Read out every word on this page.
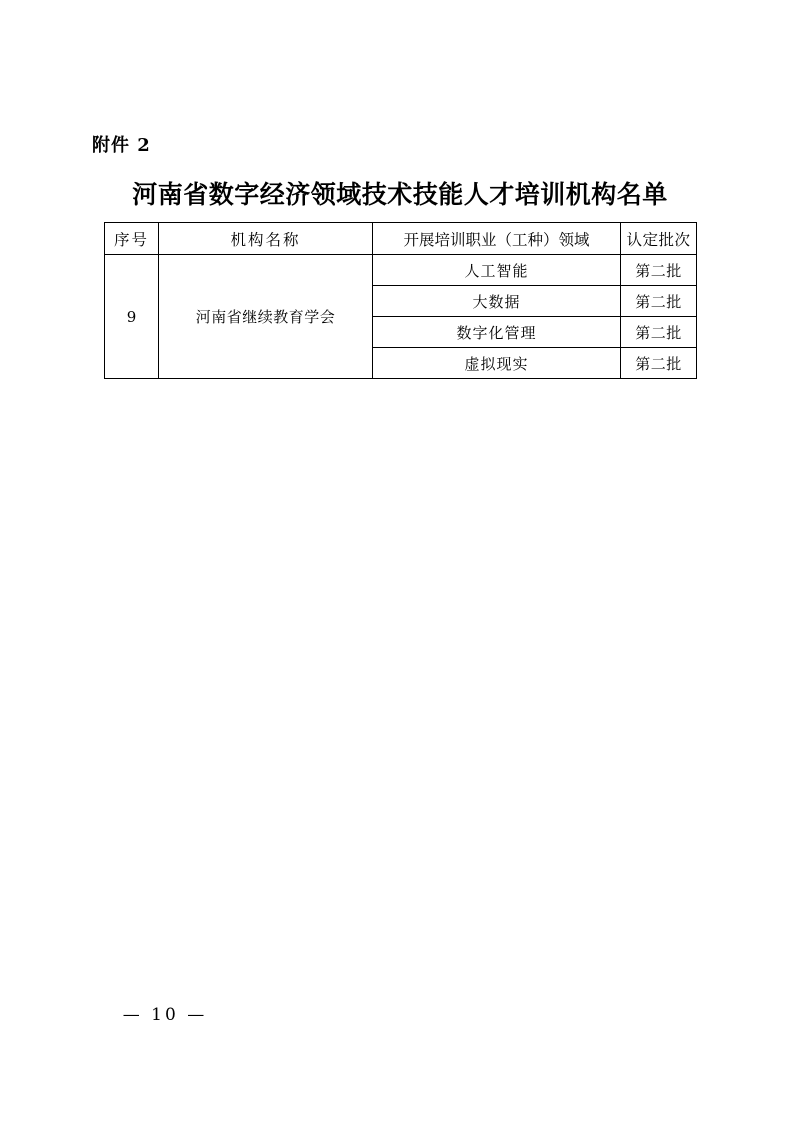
附件 2
河南省数字经济领域技术技能人才培训机构名单
序号	机构名称	开展培训职业（工种）领域	认定批次
9	河南省继续教育学会	人工智能	第二批
		大数据	第二批
		数字化管理	第二批
		虚拟现实	第二批
— 10 —
